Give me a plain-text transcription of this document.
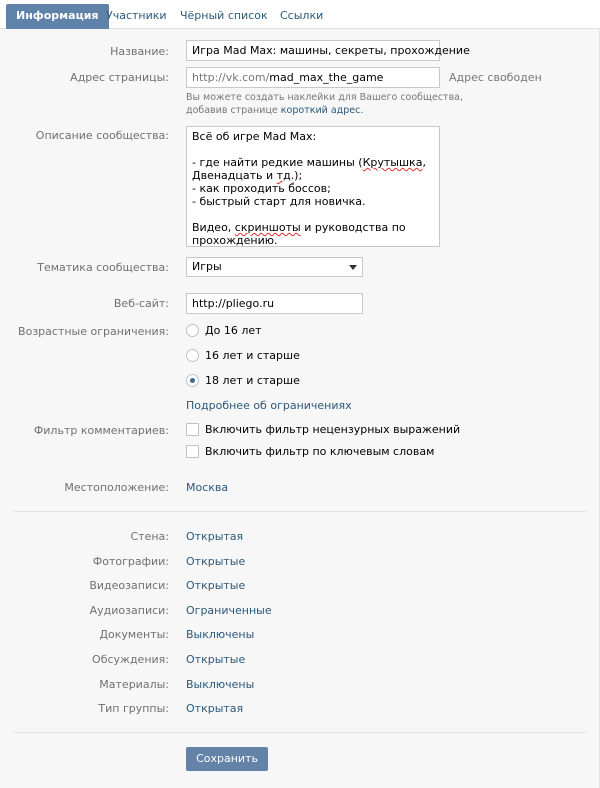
Информация Участники	Чёрный список	Ссылки
Название:	Игра Mad Max: машины, секреты, прохождение
Адрес страницы:	http://vk.com/mad_max_the_game	Адрес свободен
Вы можете создать наклейки для Вашего сообщества,
добавив странице короткий адрес.
Описание сообщества: Всё об игре Mad Max:
- где найти редкие машины (Крутышка,
Двенадцать и тд.);
- как проходить боссов;
- быстрый старт для новичка.
Видео, скриншоты и руководства по
прохождению.
Тематика сообщества:	Игры
Веб-сайт:	http://pliego.ru
Возрастные ограничения:	До 16 лет
16 лет и старше
18 лет и старше
Подробнее об ограничениях
Фильтр комментариев:	Включить фильтр нецензурных выражений
Включить фильтр по ключевым словам
Местоположение: Москва
Стена: Открытая
Фотографии: Открытые
Видеозаписи: Открытые
Аудиозаписи: Ограниченные
Документы: Выключены
Обсуждения: Открытые
Материалы: Выключены
Тип группы: Открытая
Сохранить
